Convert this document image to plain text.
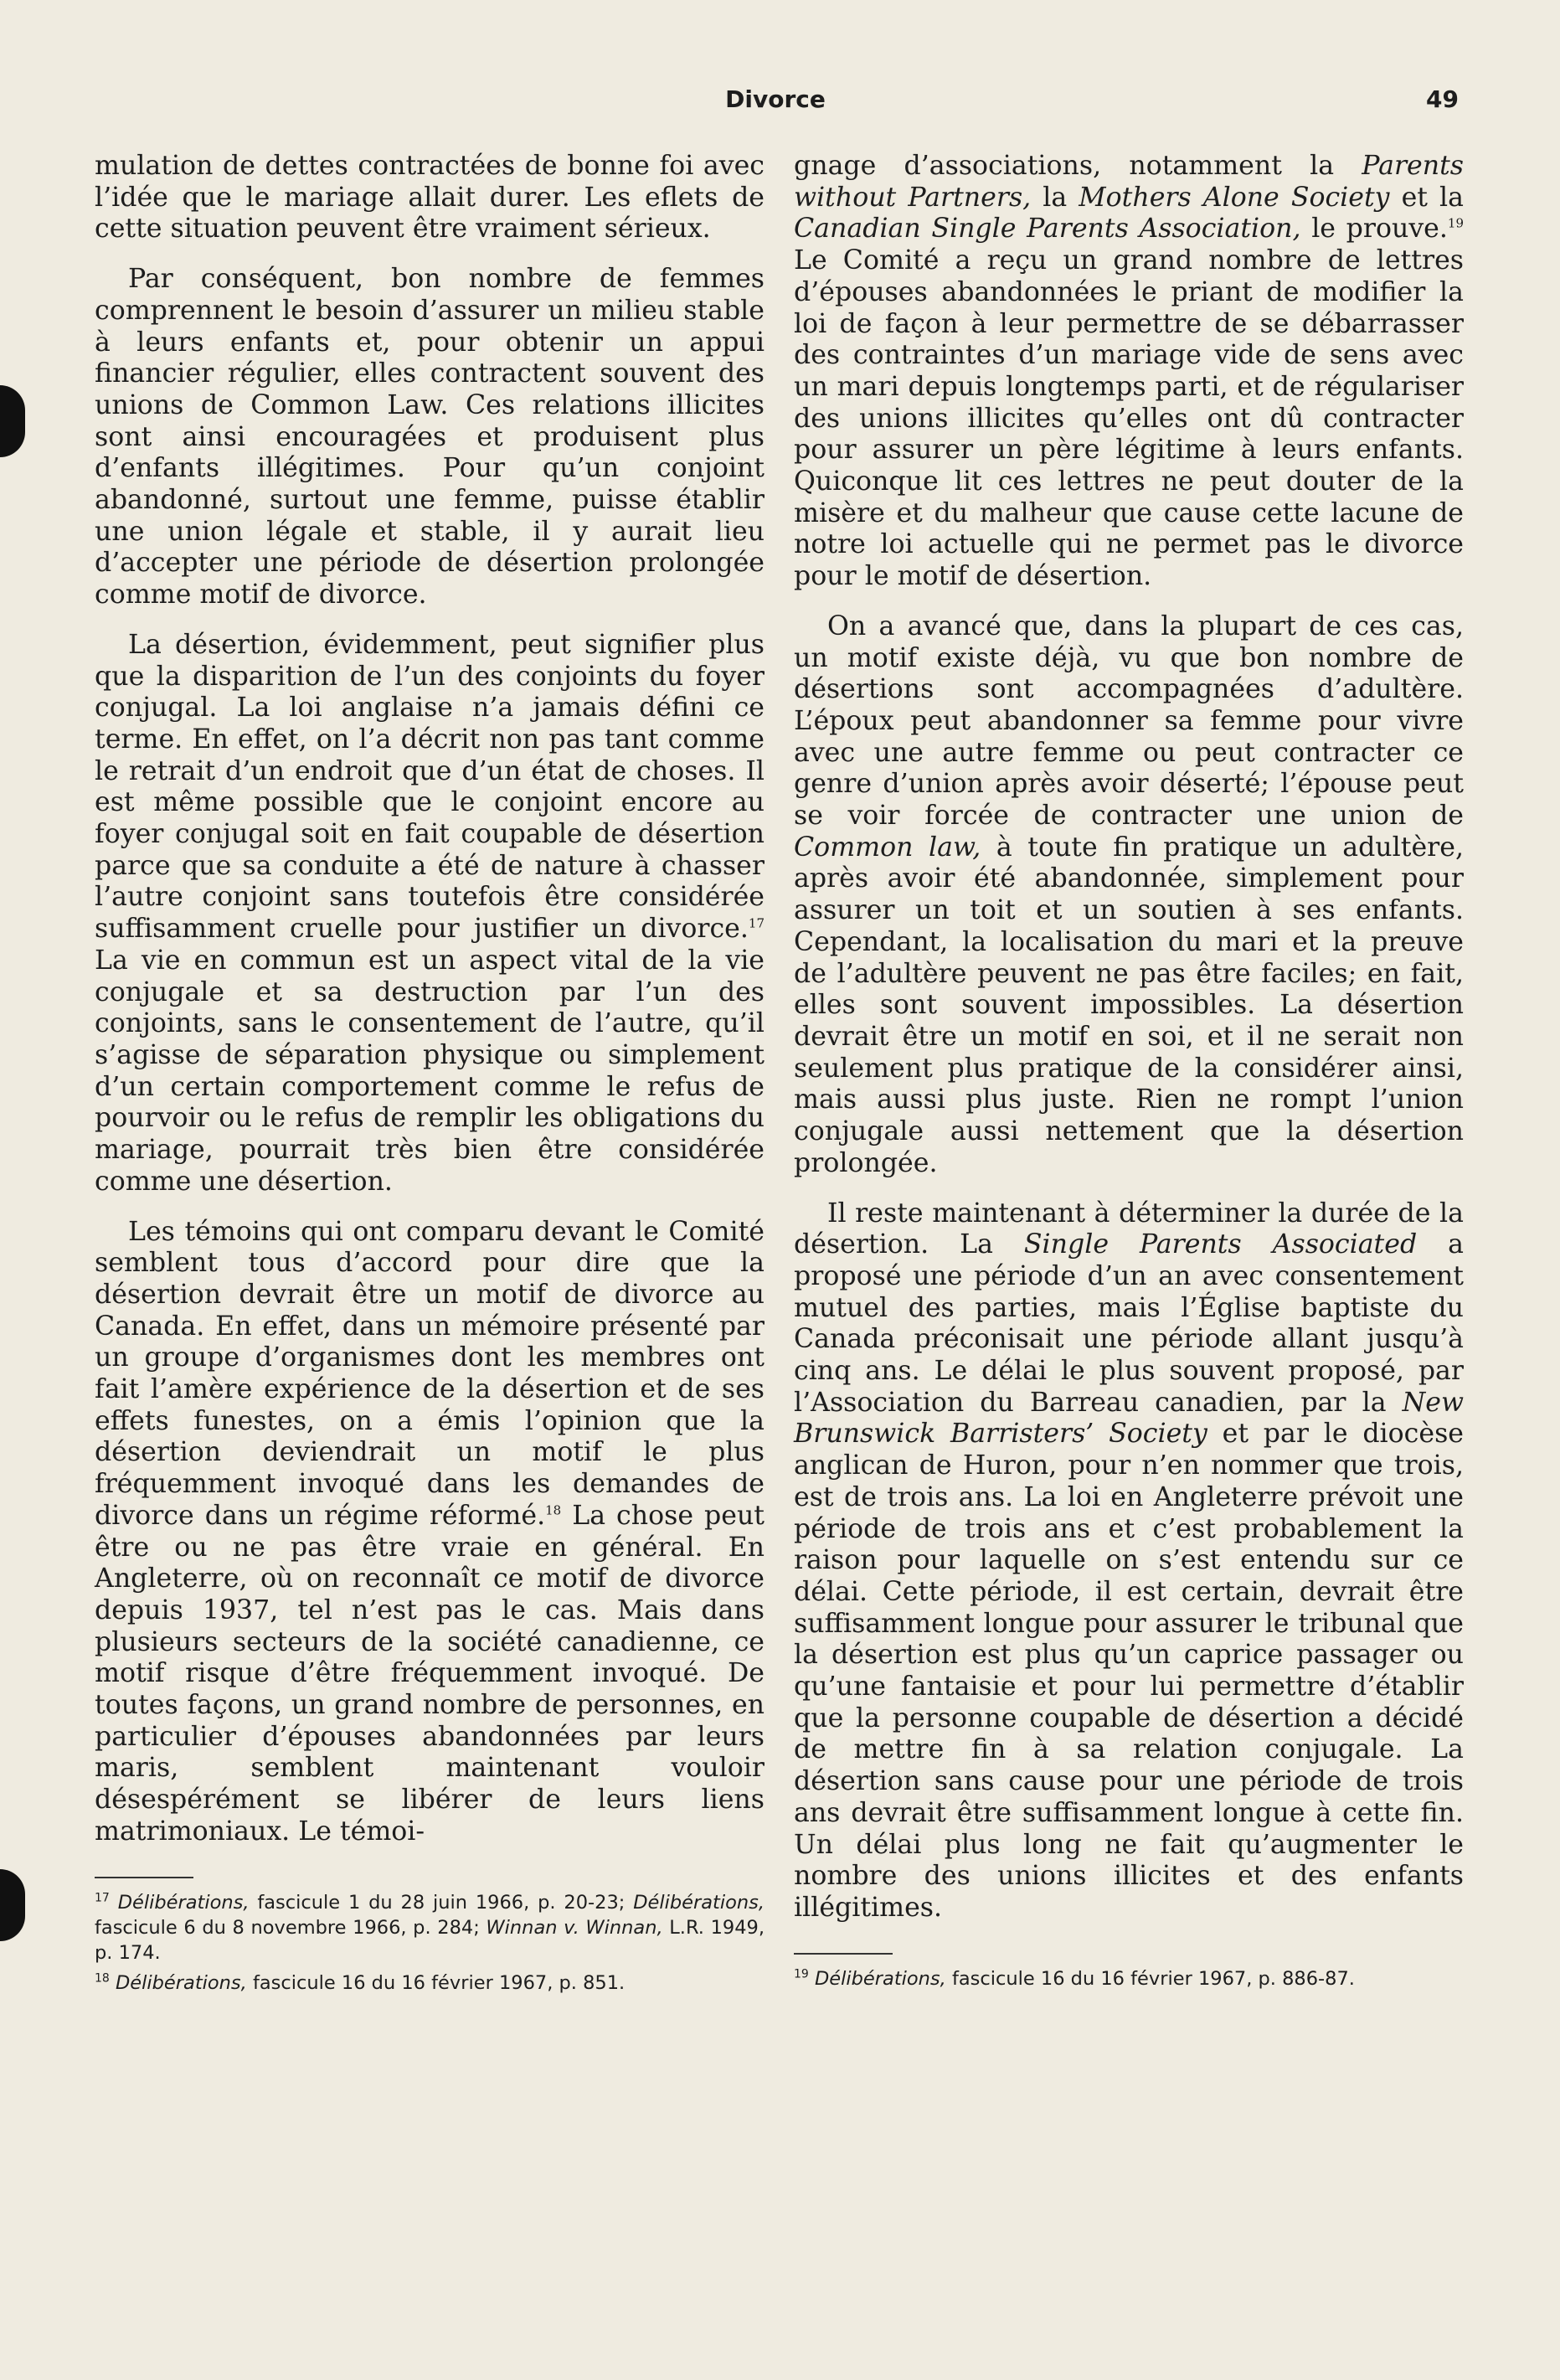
Divorce	49

mulation de dettes contractées de bonne foi avec l’idée que le mariage allait durer. Les eflets de cette situation peuvent être vraiment sérieux.

Par conséquent, bon nombre de femmes comprennent le besoin d’assurer un milieu stable à leurs enfants et, pour obtenir un appui financier régulier, elles contractent souvent des unions de Common Law. Ces relations illicites sont ainsi encouragées et produisent plus d’enfants illégitimes. Pour qu’un conjoint abandonné, surtout une femme, puisse établir une union légale et stable, il y aurait lieu d’accepter une période de désertion prolongée comme motif de divorce.

La désertion, évidemment, peut signifier plus que la disparition de l’un des conjoints du foyer conjugal. La loi anglaise n’a jamais défini ce terme. En effet, on l’a décrit non pas tant comme le retrait d’un endroit que d’un état de choses. Il est même possible que le conjoint encore au foyer conjugal soit en fait coupable de désertion parce que sa conduite a été de nature à chasser l’autre conjoint sans toutefois être considérée suffisamment cruelle pour justifier un divorce.$^{17}$ La vie en commun est un aspect vital de la vie conjugale et sa destruction par l’un des conjoints, sans le consentement de l’autre, qu’il s’agisse de séparation physique ou simplement d’un certain comportement comme le refus de pourvoir ou le refus de remplir les obligations du mariage, pourrait très bien être considérée comme une désertion.

Les témoins qui ont comparu devant le Comité semblent tous d’accord pour dire que la désertion devrait être un motif de divorce au Canada. En effet, dans un mémoire présenté par un groupe d’organismes dont les membres ont fait l’amère expérience de la désertion et de ses effets funestes, on a émis l’opinion que la désertion deviendrait un motif le plus fréquemment invoqué dans les demandes de divorce dans un régime réformé.$^{18}$ La chose peut être ou ne pas être vraie en général. En Angleterre, où on reconnaît ce motif de divorce depuis 1937, tel n’est pas le cas. Mais dans plusieurs secteurs de la société canadienne, ce motif risque d’être fréquemment invoqué. De toutes façons, un grand nombre de personnes, en particulier d’épouses abandonnées par leurs maris, semblent maintenant vouloir désespérément se libérer de leurs liens matrimoniaux. Le témoi-

$^{17}$ Délibérations, fascicule 1 du 28 juin 1966, p. 20-23; Délibérations, fascicule 6 du 8 novembre 1966, p. 284; Winnan v. Winnan, L.R. 1949, p. 174.
$^{18}$ Délibérations, fascicule 16 du 16 février 1967, p. 851.

gnage d’associations, notamment la Parents without Partners, la Mothers Alone Society et la Canadian Single Parents Association, le prouve.$^{19}$ Le Comité a reçu un grand nombre de lettres d’épouses abandonnées le priant de modifier la loi de façon à leur permettre de se débarrasser des contraintes d’un mariage vide de sens avec un mari depuis longtemps parti, et de régulariser des unions illicites qu’elles ont dû contracter pour assurer un père légitime à leurs enfants. Quiconque lit ces lettres ne peut douter de la misère et du malheur que cause cette lacune de notre loi actuelle qui ne permet pas le divorce pour le motif de désertion.

On a avancé que, dans la plupart de ces cas, un motif existe déjà, vu que bon nombre de désertions sont accompagnées d’adultère. L’époux peut abandonner sa femme pour vivre avec une autre femme ou peut contracter ce genre d’union après avoir déserté; l’épouse peut se voir forcée de contracter une union de Common law, à toute fin pratique un adultère, après avoir été abandonnée, simplement pour assurer un toit et un soutien à ses enfants. Cependant, la localisation du mari et la preuve de l’adultère peuvent ne pas être faciles; en fait, elles sont souvent impossibles. La désertion devrait être un motif en soi, et il ne serait non seulement plus pratique de la considérer ainsi, mais aussi plus juste. Rien ne rompt l’union conjugale aussi nettement que la désertion prolongée.

Il reste maintenant à déterminer la durée de la désertion. La Single Parents Associated a proposé une période d’un an avec consentement mutuel des parties, mais l’Église baptiste du Canada préconisait une période allant jusqu’à cinq ans. Le délai le plus souvent proposé, par l’Association du Barreau canadien, par la New Brunswick Barristers’ Society et par le diocèse anglican de Huron, pour n’en nommer que trois, est de trois ans. La loi en Angleterre prévoit une période de trois ans et c’est probablement la raison pour laquelle on s’est entendu sur ce délai. Cette période, il est certain, devrait être suffisamment longue pour assurer le tribunal que la désertion est plus qu’un caprice passager ou qu’une fantaisie et pour lui permettre d’établir que la personne coupable de désertion a décidé de mettre fin à sa relation conjugale. La désertion sans cause pour une période de trois ans devrait être suffisamment longue à cette fin. Un délai plus long ne fait qu’augmenter le nombre des unions illicites et des enfants illégitimes.

$^{19}$ Délibérations, fascicule 16 du 16 février 1967, p. 886-87.
